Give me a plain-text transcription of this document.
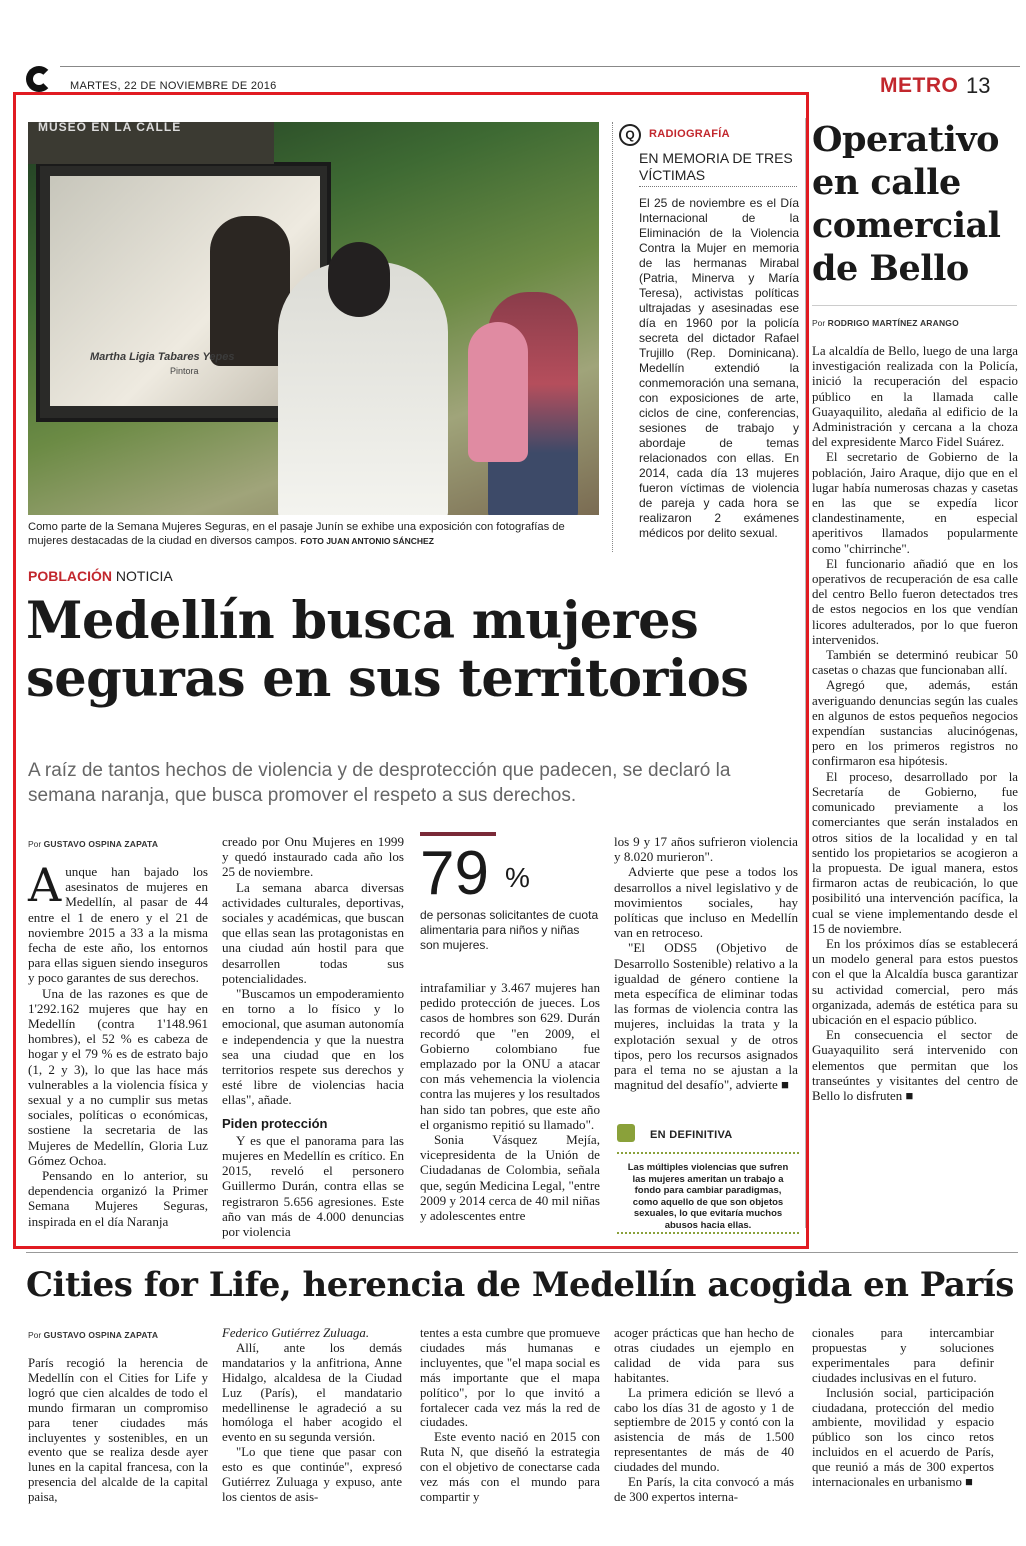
MARTES, 22 DE NOVIEMBRE DE 2016	METRO 13
Martha Ligia Tabares Yepes
Pintora
MUSEO EN LA CALLE
Como parte de la Semana Mujeres Seguras, en el pasaje Junín se exhibe una exposición con fotografías de mujeres destacadas de la ciudad en diversos campos. FOTO JUAN ANTONIO SÁNCHEZ
Q	RADIOGRAFÍA
EN MEMORIA DE TRES VÍCTIMAS
El 25 de noviembre es el Día Internacional de la Eliminación de la Violencia Contra la Mujer en memoria de las hermanas Mirabal (Patria, Minerva y María Teresa), activistas políticas ultrajadas y asesinadas ese día en 1960 por la policía secreta del dictador Rafael Trujillo (Rep. Dominicana). Medellín extendió la conmemoración una semana, con exposiciones de arte, ciclos de cine, conferencias, sesiones de trabajo y abordaje de temas relacionados con ellas. En 2014, cada día 13 mujeres fueron víctimas de violencia de pareja y cada hora se realizaron 2 exámenes médicos por delito sexual.
POBLACIÓN NOTICIA
Medellín busca mujeres seguras en sus territorios
A raíz de tantos hechos de violencia y de desprotección que padecen, se declaró la semana naranja, que busca promover el respeto a sus derechos.
Por GUSTAVO OSPINA ZAPATA

Aunque han bajado los asesinatos de mujeres en Medellín, al pasar de 44 entre el 1 de enero y el 21 de noviembre 2015 a 33 a la misma fecha de este año, los entornos para ellas siguen siendo inseguros y poco garantes de sus derechos.

Una de las razones es que de 1'292.162 mujeres que hay en Medellín (contra 1'148.961 hombres), el 52 % es cabeza de hogar y el 79 % es de estrato bajo (1, 2 y 3), lo que las hace más vulnerables a la violencia física y sexual y a no cumplir sus metas sociales, políticas o económicas, sostiene la secretaria de las Mujeres de Medellín, Gloria Luz Gómez Ochoa.

Pensando en lo anterior, su dependencia organizó la Primer Semana Mujeres Seguras, inspirada en el día Naranja

creado por Onu Mujeres en 1999 y quedó instaurado cada año los 25 de noviembre.

La semana abarca diversas actividades culturales, deportivas, sociales y académicas, que buscan que ellas sean las protagonistas en una ciudad aún hostil para que desarrollen todas sus potencialidades.

"Buscamos un empoderamiento en torno a lo físico y lo emocional, que asuman autonomía e independencia y que la nuestra sea una ciudad que en los territorios respete sus derechos y esté libre de violencias hacia ellas", añade.

Piden protección

Y es que el panorama para las mujeres en Medellín es crítico. En 2015, reveló el personero Guillermo Durán, contra ellas se registraron 5.656 agresiones. Este año van más de 4.000 denuncias por violencia

79 %
de personas solicitantes de cuota alimentaria para niños y niñas son mujeres.

intrafamiliar y 3.467 mujeres han pedido protección de jueces. Los casos de hombres son 629. Durán recordó que "en 2009, el Gobierno colombiano fue emplazado por la ONU a atacar con más vehemencia la violencia contra las mujeres y los resultados han sido tan pobres, que este año el organismo repitió su llamado".

Sonia Vásquez Mejía, vicepresidenta de la Unión de Ciudadanas de Colombia, señala que, según Medicina Legal, "entre 2009 y 2014 cerca de 40 mil niñas y adolescentes entre

los 9 y 17 años sufrieron violencia y 8.020 murieron".

Advierte que pese a todos los desarrollos a nivel legislativo y de movimientos sociales, hay políticas que incluso en Medellín van en retroceso.

"El ODS5 (Objetivo de Desarrollo Sostenible) relativo a la igualdad de género contiene la meta específica de eliminar todas las formas de violencia contra las mujeres, incluidas la trata y la explotación sexual y de otros tipos, pero los recursos asignados para el tema no se ajustan a la magnitud del desafío", advierte ■

EN DEFINITIVA
Las múltiples violencias que sufren las mujeres ameritan un trabajo a fondo para cambiar paradigmas, como aquello de que son objetos sexuales, lo que evitaría muchos abusos hacia ellas.
Operativo en calle comercial de Bello
Por RODRIGO MARTÍNEZ ARANGO

La alcaldía de Bello, luego de una larga investigación realizada con la Policía, inició la recuperación del espacio público en la llamada calle Guayaquilito, aledaña al edificio de la Administración y cercana a la choza del expresidente Marco Fidel Suárez.

El secretario de Gobierno de la población, Jairo Araque, dijo que en el lugar había numerosas chazas y casetas en las que se expedía licor clandestinamente, en especial aperitivos llamados popularmente como "chirrinche".

El funcionario añadió que en los operativos de recuperación de esa calle del centro Bello fueron detectados tres de estos negocios en los que vendían licores adulterados, por lo que fueron intervenidos.

También se determinó reubicar 50 casetas o chazas que funcionaban allí.

Agregó que, además, están averiguando denuncias según las cuales en algunos de estos pequeños negocios expendían sustancias alucinógenas, pero en los primeros registros no confirmaron esa hipótesis.

El proceso, desarrollado por la Secretaría de Gobierno, fue comunicado previamente a los comerciantes que serán instalados en otros sitios de la localidad y en tal sentido los propietarios se acogieron a la propuesta. De igual manera, estos firmaron actas de reubicación, lo que posibilitó una intervención pacífica, la cual se viene implementando desde el 15 de noviembre.

En los próximos días se establecerá un modelo general para estos puestos con el que la Alcaldía busca garantizar su actividad comercial, pero más organizada, además de estética para su ubicación en el espacio público.

En consecuencia el sector de Guayaquilito será intervenido con elementos que permitan que los transeúntes y visitantes del centro de Bello lo disfruten ■

Cities for Life, herencia de Medellín acogida en París
Por GUSTAVO OSPINA ZAPATA

París recogió la herencia de Medellín con el Cities for Life y logró que cien alcaldes de todo el mundo firmaran un compromiso para tener ciudades más incluyentes y sostenibles, en un evento que se realiza desde ayer lunes en la capital francesa, con la presencia del alcalde de la capital paisa,

Federico Gutiérrez Zuluaga.

Allí, ante los demás mandatarios y la anfitriona, Anne Hidalgo, alcaldesa de la Ciudad Luz (París), el mandatario medellinense le agradeció a su homóloga el haber acogido el evento en su segunda versión.

"Lo que tiene que pasar con esto es que continúe", expresó Gutiérrez Zuluaga y expuso, ante los cientos de asis-

tentes a esta cumbre que promueve ciudades más humanas e incluyentes, que "el mapa social es más importante que el mapa político", por lo que invitó a fortalecer cada vez más la red de ciudades.

Este evento nació en 2015 con Ruta N, que diseñó la estrategia con el objetivo de conectarse cada vez más con el mundo para compartir y

acoger prácticas que han hecho de otras ciudades un ejemplo en calidad de vida para sus habitantes.

La primera edición se llevó a cabo los días 31 de agosto y 1 de septiembre de 2015 y contó con la asistencia de más de 1.500 representantes de más de 40 ciudades del mundo.

En París, la cita convocó a más de 300 expertos interna-

cionales para intercambiar propuestas y soluciones experimentales para definir ciudades inclusivas en el futuro.

Inclusión social, participación ciudadana, protección del medio ambiente, movilidad y espacio público son los cinco retos incluidos en el acuerdo de París, que reunió a más de 300 expertos internacionales en urbanismo ■
